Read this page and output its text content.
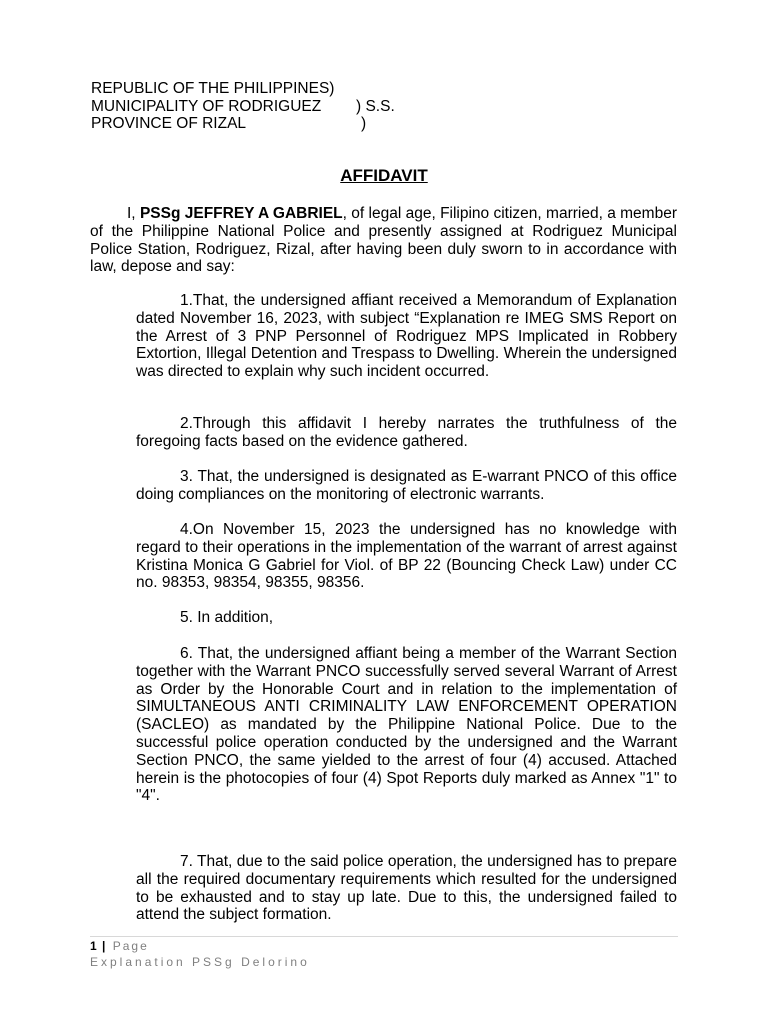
REPUBLIC OF THE PHILIPPINES)

MUNICIPALITY OF RODRIGUEZ

) S.S.

PROVINCE OF RIZAL

	)

AFFIDAVIT

I, PSSg JEFFREY A GABRIEL, of legal age, Filipino citizen, married, a member of the Philippine National Police and presently assigned at Rodriguez Municipal Police Station, Rodriguez, Rizal, after having been duly sworn to in accordance with law, depose and say:

1.That, the undersigned affiant received a Memorandum of Explanation dated November 16, 2023, with subject “Explanation re IMEG SMS Report on the Arrest of 3 PNP Personnel of Rodriguez MPS Implicated in Robbery Extortion, Illegal Detention and Trespass to Dwelling. Wherein the undersigned was directed to explain why such incident occurred.

2.Through this affidavit I hereby narrates the truthfulness of the foregoing facts based on the evidence gathered.

3. That, the undersigned is designated as E-warrant PNCO of this office doing compliances on the monitoring of electronic warrants.

4.On November 15, 2023 the undersigned has no knowledge with regard to their operations in the implementation of the warrant of arrest against Kristina Monica G Gabriel for Viol. of BP 22 (Bouncing Check Law) under CC no. 98353, 98354, 98355, 98356.

5. In addition,

6. That, the undersigned affiant being a member of the Warrant Section together with the Warrant PNCO successfully served several Warrant of Arrest as Order by the Honorable Court and in relation to the implementation of SIMULTANEOUS ANTI CRIMINALITY LAW ENFORCEMENT OPERATION (SACLEO) as mandated by the Philippine National Police. Due to the successful police operation conducted by the undersigned and the Warrant Section PNCO, the same yielded to the arrest of four (4) accused. Attached herein is the photocopies of four (4) Spot Reports duly marked as Annex "1" to "4".

7. That, due to the said police operation, the undersigned has to prepare all the required documentary requirements which resulted for the undersigned to be exhausted and to stay up late. Due to this, the undersigned failed to attend the subject formation.

1 | Page
Explanation PSSg Delorino
